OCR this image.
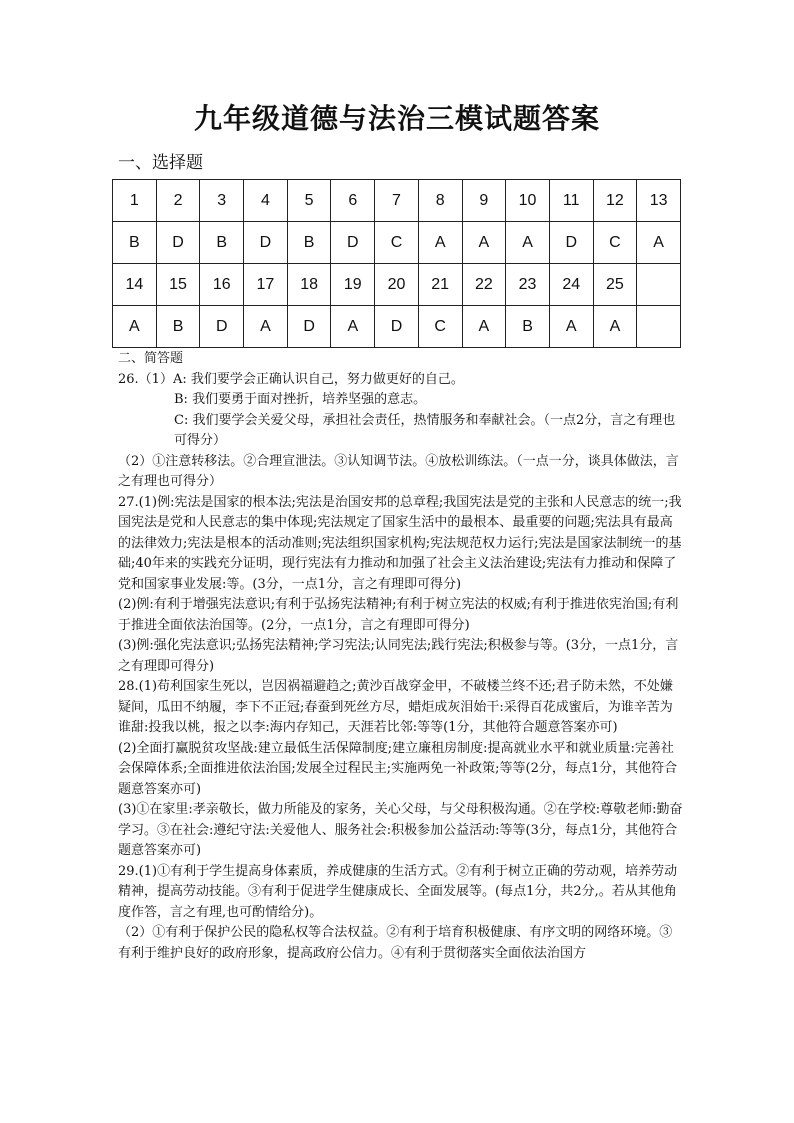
九年级道德与法治三模试题答案
一、选择题
1	2	3	4	5	6	7	8	9	10	11	12	13
B	D	B	D	B	D	C	A	A	A	D	C	A
14	15	16	17	18	19	20	21	22	23	24	25	
A	B	D	A	D	A	D	C	A	B	A	A	

二、简答题

26.（1）A: 我们要学会正确认识自己，努力做更好的自己。

B: 我们要勇于面对挫折，培养坚强的意志。

C: 我们要学会关爱父母，承担社会责任，热情服务和奉献社会。（一点2分，言之有理也可得分）

（2）①注意转移法。②合理宣泄法。③认知调节法。④放松训练法。（一点一分，谈具体做法，言之有理也可得分）

27.(1)例:宪法是国家的根本法;宪法是治国安邦的总章程;我国宪法是党的主张和人民意志的统一;我国宪法是党和人民意志的集中体现;宪法规定了国家生活中的最根本、最重要的问题;宪法具有最高的法律效力;宪法是根本的活动准则;宪法组织国家机构;宪法规范权力运行;宪法是国家法制统一的基础;40年来的实践充分证明，现行宪法有力推动和加强了社会主义法治建设;宪法有力推动和保障了党和国家事业发展:等。(3分，一点1分，言之有理即可得分)

(2)例:有利于增强宪法意识;有利于弘扬宪法精神;有利于树立宪法的权威;有利于推进依宪治国;有利于推进全面依法治国等。(2分，一点1分，言之有理即可得分)

(3)例:强化宪法意识;弘扬宪法精神;学习宪法;认同宪法;践行宪法;积极参与等。(3分，一点1分，言之有理即可得分)

28.(1)苟利国家生死以，岂因祸福避趋之;黄沙百战穿金甲，不破楼兰终不还;君子防未然，不处嫌疑间，瓜田不纳履，李下不正冠;春蚕到死丝方尽，蜡炬成灰泪始干:采得百花成蜜后，为谁辛苦为谁甜:投我以桃，报之以李:海内存知己，天涯若比邻:等等(1分，其他符合题意答案亦可)

(2)全面打赢脱贫攻坚战:建立最低生活保障制度;建立廉租房制度:提高就业水平和就业质量:完善社会保障体系;全面推进依法治国;发展全过程民主;实施两免一补政策;等等(2分，每点1分，其他符合题意答案亦可)

(3)①在家里:孝亲敬长，做力所能及的家务，关心父母，与父母积极沟通。②在学校:尊敬老师:勤奋学习。③在社会:遵纪守法:关爱他人、服务社会:积极参加公益活动:等等(3分，每点1分，其他符合题意答案亦可)

29.(1)①有利于学生提高身体素质，养成健康的生活方式。②有利于树立正确的劳动观，培养劳动精神，提高劳动技能。③有利于促进学生健康成长、全面发展等。(每点1分，共2分,。若从其他角度作答，言之有理,也可酌情给分)。

（2）①有利于保护公民的隐私权等合法权益。②有利于培育积极健康、有序文明的网络环境。③有利于维护良好的政府形象，提高政府公信力。④有利于贯彻落实全面依法治国方
